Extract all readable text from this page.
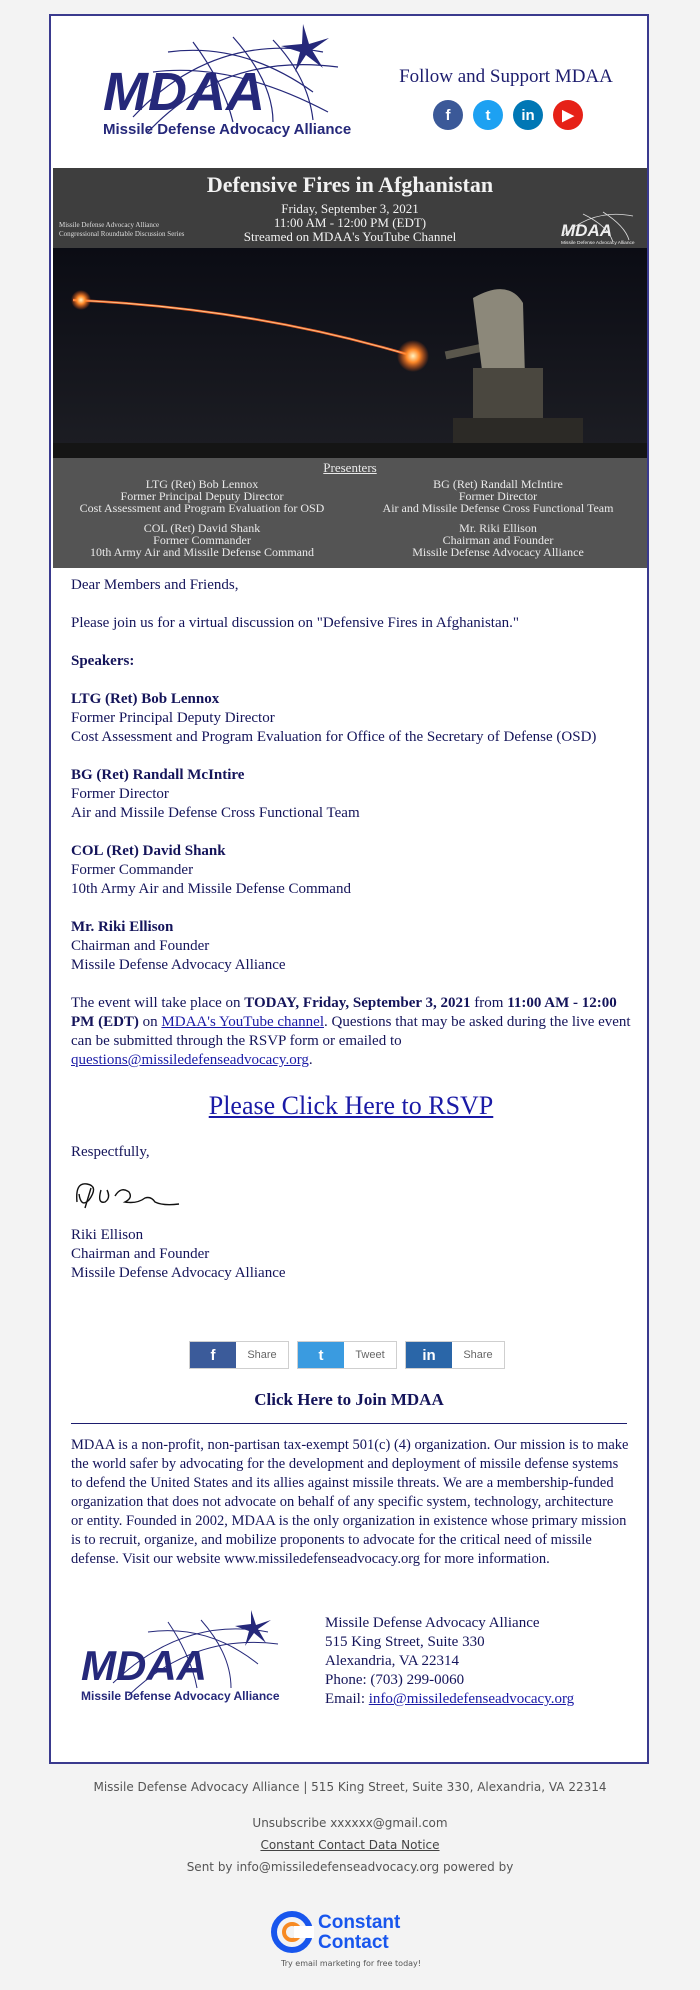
MDAA
Missile Defense Advocacy Alliance
Follow and Support MDAA
f	t	in	▶
Defensive Fires in Afghanistan
Friday, September 3, 2021
11:00 AM - 12:00 PM (EDT)
Streamed on MDAA's YouTube Channel
Missile Defense Advocacy Alliance
Congressional Roundtable Discussion Series	MDAA
Missile Defense Advocacy Alliance
Presenters
LTG (Ret) Bob Lennox
Former Principal Deputy Director
Cost Assessment and Program Evaluation for OSD
BG (Ret) Randall McIntire
Former Director
Air and Missile Defense Cross Functional Team
COL (Ret) David Shank
Former Commander
10th Army Air and Missile Defense Command
Mr. Riki Ellison
Chairman and Founder
Missile Defense Advocacy Alliance

Dear Members and Friends,

Please join us for a virtual discussion on "Defensive Fires in Afghanistan."

Speakers:

LTG (Ret) Bob Lennox
Former Principal Deputy Director
Cost Assessment and Program Evaluation for Office of the Secretary of Defense (OSD)

BG (Ret) Randall McIntire
Former Director
Air and Missile Defense Cross Functional Team

COL (Ret) David Shank
Former Commander
10th Army Air and Missile Defense Command

Mr. Riki Ellison
Chairman and Founder
Missile Defense Advocacy Alliance

The event will take place on TODAY, Friday, September 3, 2021 from 11:00 AM - 12:00 PM (EDT) on MDAA's YouTube channel. Questions that may be asked during the live event can be submitted through the RSVP form or emailed to questions@missiledefenseadvocacy.org.

Please Click Here to RSVP

Respectfully,

Riki Ellison
Chairman and Founder
Missile Defense Advocacy Alliance

f	Share	t	Tweet	in	Share
Click Here to Join MDAA
MDAA is a non-profit, non-partisan tax-exempt 501(c) (4) organization. Our mission is to make the world safer by advocating for the development and deployment of missile defense systems to defend the United States and its allies against missile threats. We are a membership-funded organization that does not advocate on behalf of any specific system, technology, architecture or entity. Founded in 2002, MDAA is the only organization in existence whose primary mission is to recruit, organize, and mobilize proponents to advocate for the critical need of missile defense. Visit our website www.missiledefenseadvocacy.org for more information.
MDAA
Missile Defense Advocacy Alliance
Missile Defense Advocacy Alliance
515 King Street, Suite 330
Alexandria, VA 22314
Phone: (703) 299-0060
Email: info@missiledefenseadvocacy.org
Missile Defense Advocacy Alliance | 515 King Street, Suite 330, Alexandria, VA 22314
Unsubscribe xxxxxx@gmail.com
Constant Contact Data Notice
Sent by info@missiledefenseadvocacy.org powered by
Constant
Contact
Try email marketing for free today!
